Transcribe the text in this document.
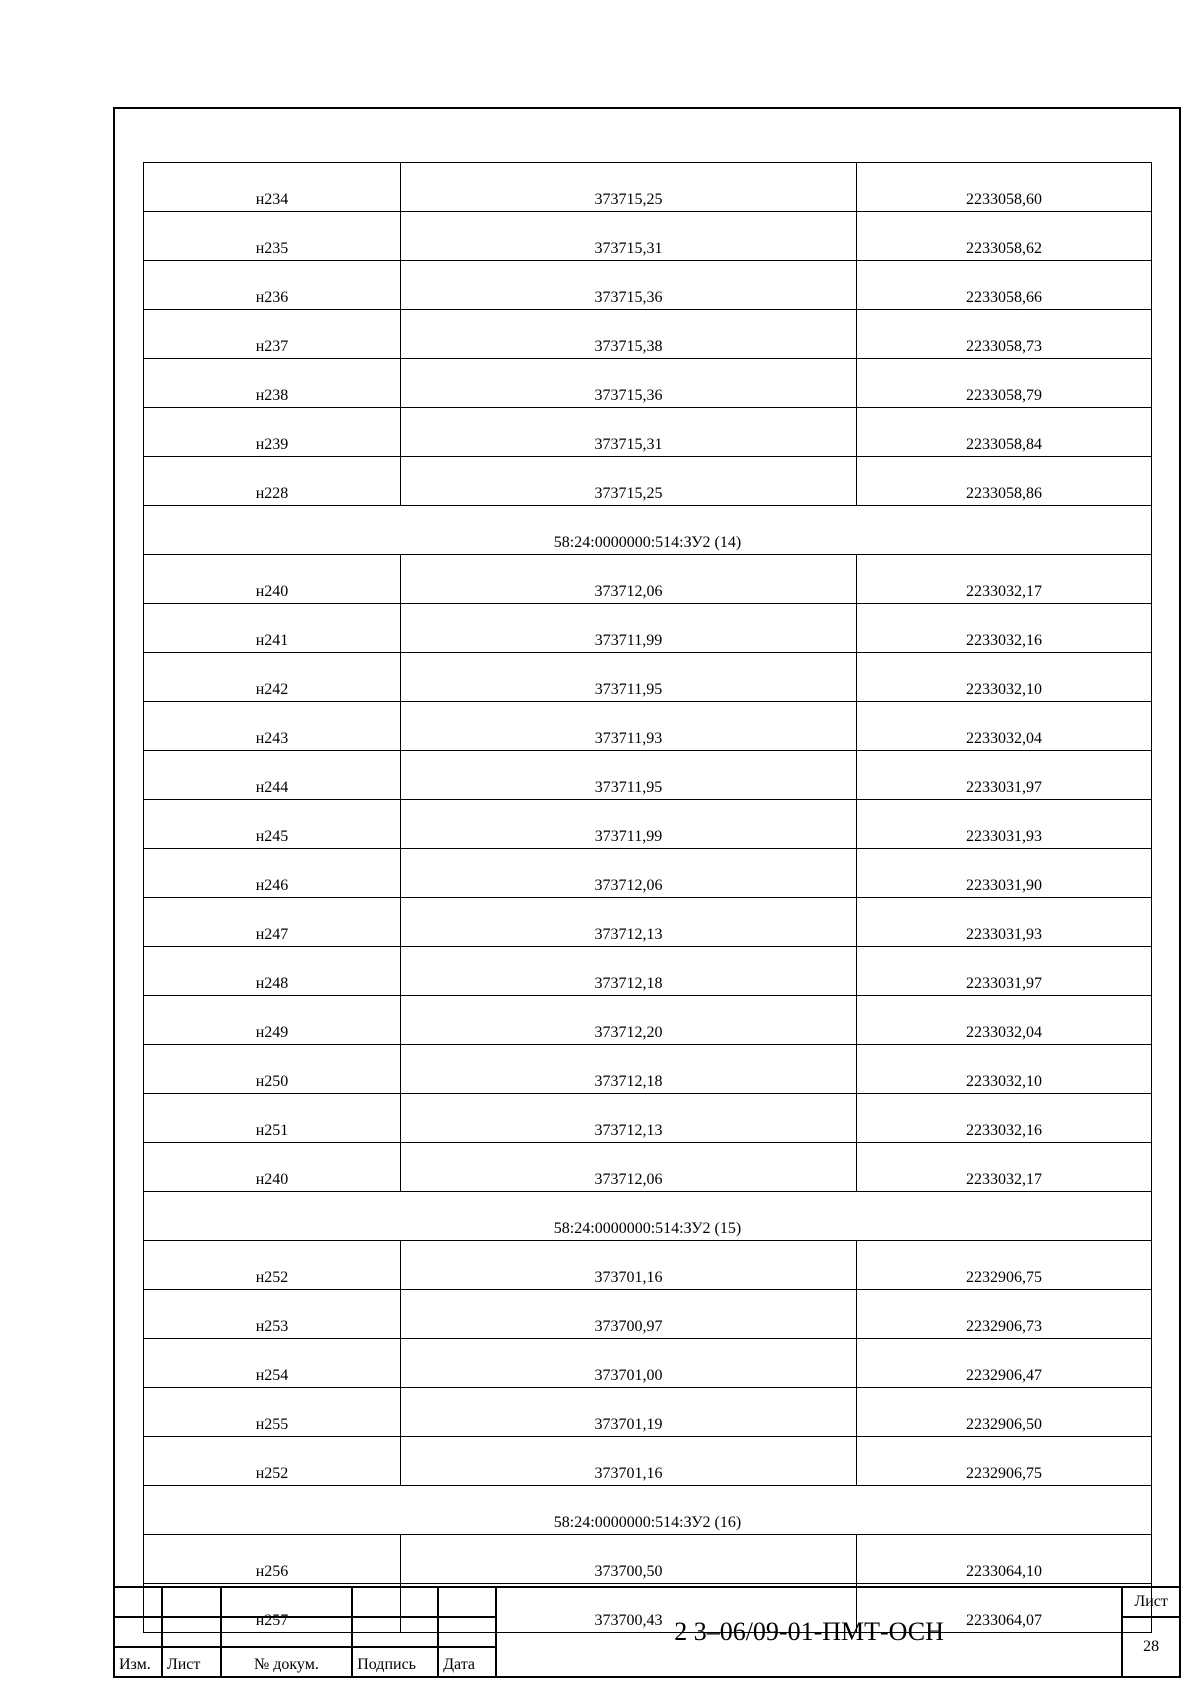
н234	373715,25	2233058,60
н235	373715,31	2233058,62
н236	373715,36	2233058,66
н237	373715,38	2233058,73
н238	373715,36	2233058,79
н239	373715,31	2233058,84
н228	373715,25	2233058,86
58:24:0000000:514:ЗУ2 (14)		
н240	373712,06	2233032,17
н241	373711,99	2233032,16
н242	373711,95	2233032,10
н243	373711,93	2233032,04
н244	373711,95	2233031,97
н245	373711,99	2233031,93
н246	373712,06	2233031,90
н247	373712,13	2233031,93
н248	373712,18	2233031,97
н249	373712,20	2233032,04
н250	373712,18	2233032,10
н251	373712,13	2233032,16
н240	373712,06	2233032,17
58:24:0000000:514:ЗУ2 (15)		
н252	373701,16	2232906,75
н253	373700,97	2232906,73
н254	373701,00	2232906,47
н255	373701,19	2232906,50
н252	373701,16	2232906,75
58:24:0000000:514:ЗУ2 (16)		
н256	373700,50	2233064,10
н257	373700,43	2233064,07
					2 3–06/09-01-ПМТ-ОСН	Лист
						28
Изм.	Лист	№ докум.	Подпись	Дата		
